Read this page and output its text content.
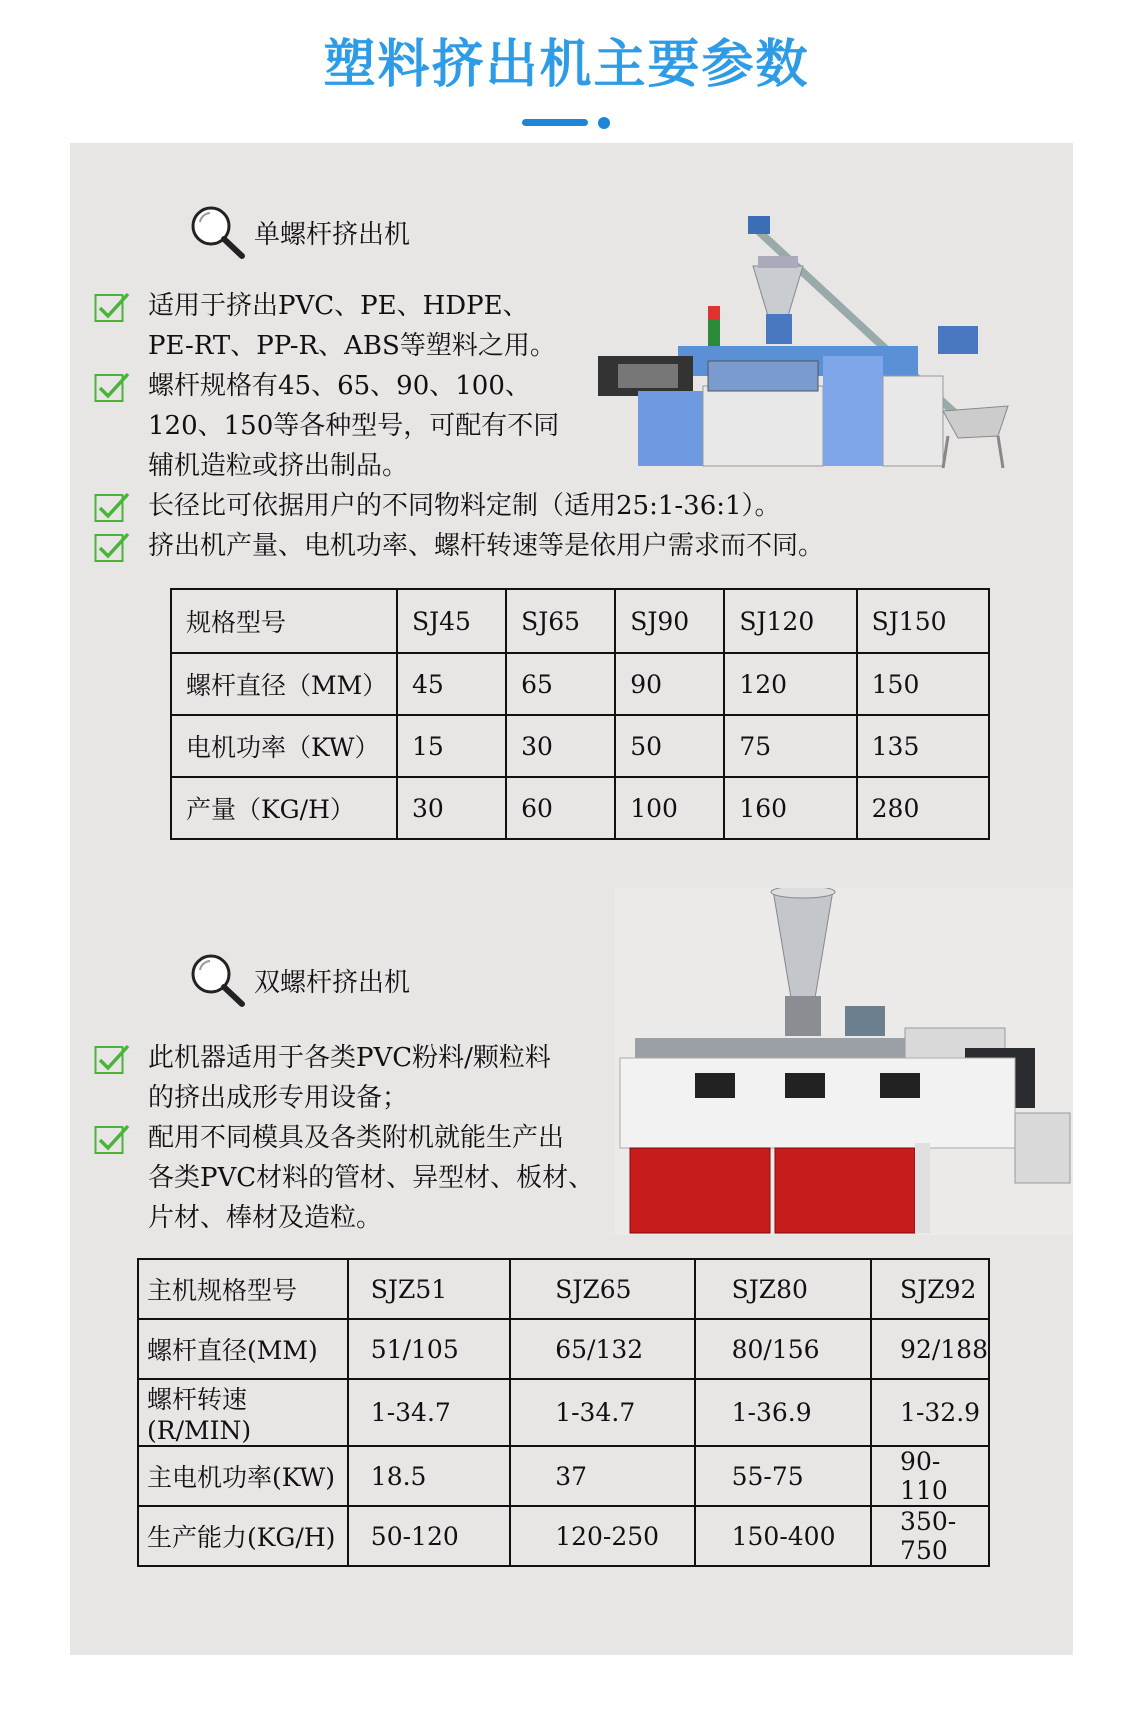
塑料挤出机主要参数
单螺杆挤出机
适用于挤出PVC、PE、HDPE、
PE-RT、PP-R、ABS等塑料之用。
螺杆规格有45、65、90、100、
120、150等各种型号，可配有不同
辅机造粒或挤出制品。
长径比可依据用户的不同物料定制（适用25:1-36:1）。
挤出机产量、电机功率、螺杆转速等是依用户需求而不同。
规格型号	SJ45	SJ65	SJ90	SJ120	SJ150
螺杆直径（MM）	45	65	90	120	150
电机功率（KW）	15	30	50	75	135
产量（KG/H）	30	60	100	160	280
双螺杆挤出机
此机器适用于各类PVC粉料/颗粒料
的挤出成形专用设备；
配用不同模具及各类附机就能生产出
各类PVC材料的管材、异型材、板材、
片材、棒材及造粒。
主机规格型号	SJZ51	SJZ65	SJZ80	SJZ92
螺杆直径(MM)	51/105	65/132	80/156	92/188
螺杆转速(R/MIN)	1-34.7	1-34.7	1-36.9	1-32.9
主电机功率(KW)	18.5	37	55-75	90-110
生产能力(KG/H)	50-120	120-250	150-400	350-750
